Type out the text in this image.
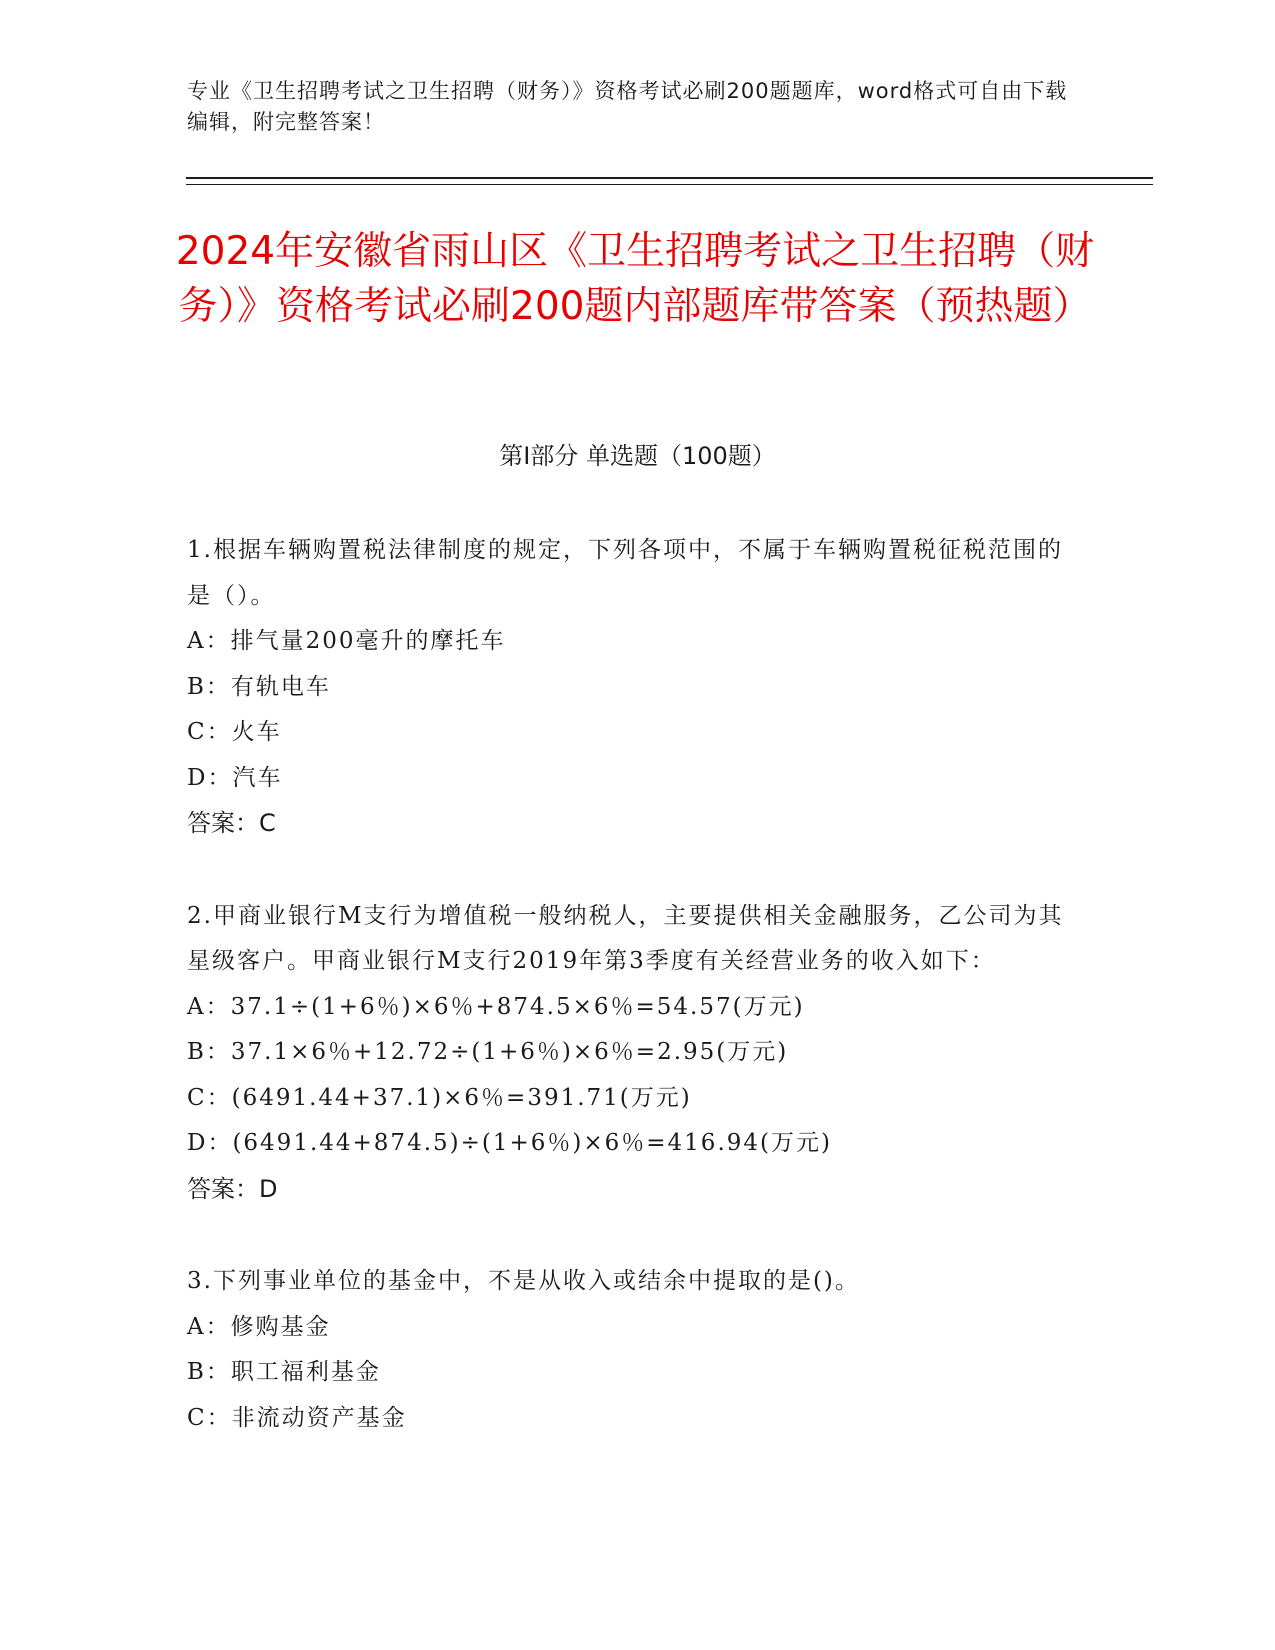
专业《卫生招聘考试之卫生招聘（财务）》资格考试必刷200题题库，word格式可自由下载编辑，附完整答案！
2024年安徽省雨山区《卫生招聘考试之卫生招聘（财务）》资格考试必刷200题内部题库带答案（预热题）
第Ⅰ部分 单选题（100题）
1.根据车辆购置税法律制度的规定，下列各项中，不属于车辆购置税征税范围的是（）。
A：排气量200毫升的摩托车
B：有轨电车
C：火车
D：汽车
答案：C
2.甲商业银行M支行为增值税一般纳税人，主要提供相关金融服务，乙公司为其星级客户。甲商业银行M支行2019年第3季度有关经营业务的收入如下：
A：37.1÷(1+6％)×6％+874.5×6％=54.57(万元)
B：37.1×6％+12.72÷(1+6％)×6％=2.95(万元)
C：(6491.44+37.1)×6％=391.71(万元)
D：(6491.44+874.5)÷(1+6％)×6％=416.94(万元)
答案：D
3.下列事业单位的基金中，不是从收入或结余中提取的是()。
A：修购基金
B：职工福利基金
C：非流动资产基金
